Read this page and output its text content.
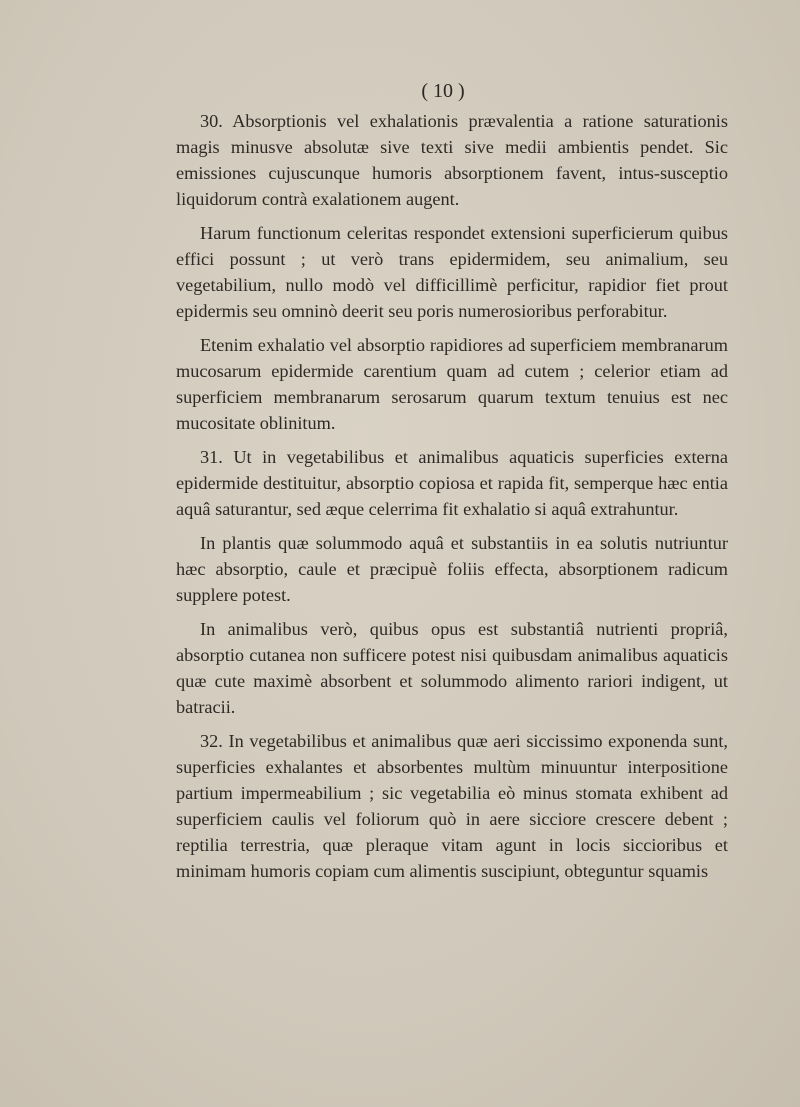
( 10 )

30. Absorptionis vel exhalationis prævalentia a ratione saturationis magis minusve absolutæ sive texti sive medii ambientis pendet. Sic emissiones cujuscunque humoris absorptionem favent, intus-susceptio liquidorum contrà exalationem augent.

Harum functionum celeritas respondet extensioni superficierum quibus effici possunt ; ut verò trans epidermidem, seu animalium, seu vegetabilium, nullo modò vel difficillimè perficitur, rapidior fiet prout epidermis seu omninò deerit seu poris numerosioribus perforabitur.

Etenim exhalatio vel absorptio rapidiores ad superficiem membranarum mucosarum epidermide carentium quam ad cutem ; celerior etiam ad superficiem membranarum serosarum quarum textum tenuius est nec mucositate oblinitum.

31. Ut in vegetabilibus et animalibus aquaticis superficies externa epidermide destituitur, absorptio copiosa et rapida fit, semperque hæc entia aquâ saturantur, sed æque celerrima fit exhalatio si aquâ extrahuntur.

In plantis quæ solummodo aquâ et substantiis in ea solutis nutriuntur hæc absorptio, caule et præcipuè foliis effecta, absorptionem radicum supplere potest.

In animalibus verò, quibus opus est substantiâ nutrienti propriâ, absorptio cutanea non sufficere potest nisi quibusdam animalibus aquaticis quæ cute maximè absorbent et solummodo alimento rariori indigent, ut batracii.

32. In vegetabilibus et animalibus quæ aeri siccissimo exponenda sunt, superficies exhalantes et absorbentes multùm minuuntur interpositione partium impermeabilium ; sic vegetabilia eò minus stomata exhibent ad superficiem caulis vel foliorum quò in aere sicciore crescere debent ; reptilia terrestria, quæ pleraque vitam agunt in locis siccioribus et minimam humoris copiam cum alimentis suscipiunt, obteguntur squamis
